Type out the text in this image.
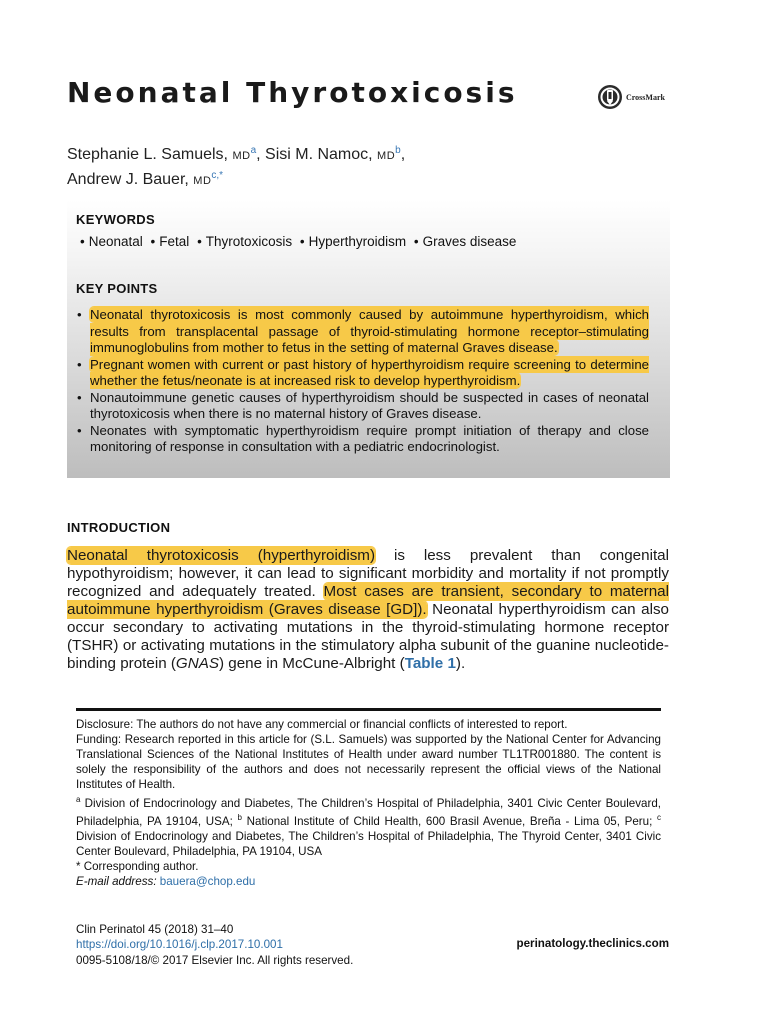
Neonatal Thyrotoxicosis	CrossMark
Stephanie L. Samuels, MD$^a$, Sisi M. Namoc, MD$^b$,
Andrew J. Bauer, MD$^{c,*}$
KEYWORDS
• Neonatal • Fetal • Thyrotoxicosis • Hyperthyroidism • Graves disease
KEY POINTS
• Neonatal thyrotoxicosis is most commonly caused by autoimmune hyperthyroidism, which results from transplacental passage of thyroid-stimulating hormone receptor–stimulating immunoglobulins from mother to fetus in the setting of maternal Graves disease.
• Pregnant women with current or past history of hyperthyroidism require screening to determine whether the fetus/neonate is at increased risk to develop hyperthyroidism.
• Nonautoimmune genetic causes of hyperthyroidism should be suspected in cases of neonatal thyrotoxicosis when there is no maternal history of Graves disease.
• Neonates with symptomatic hyperthyroidism require prompt initiation of therapy and close monitoring of response in consultation with a pediatric endocrinologist.
INTRODUCTION

Neonatal thyrotoxicosis (hyperthyroidism) is less prevalent than congenital hypothyroidism; however, it can lead to significant morbidity and mortality if not promptly recognized and adequately treated. Most cases are transient, secondary to maternal autoimmune hyperthyroidism (Graves disease [GD]). Neonatal hyperthyroidism can also occur secondary to activating mutations in the thyroid-stimulating hormone receptor (TSHR) or activating mutations in the stimulatory alpha subunit of the guanine nucleotide-binding protein (GNAS) gene in McCune-Albright (Table 1).

Disclosure: The authors do not have any commercial or financial conflicts of interested to report.

Funding: Research reported in this article for (S.L. Samuels) was supported by the National Center for Advancing Translational Sciences of the National Institutes of Health under award number TL1TR001880. The content is solely the responsibility of the authors and does not necessarily represent the official views of the National Institutes of Health.

$^a$ Division of Endocrinology and Diabetes, The Children’s Hospital of Philadelphia, 3401 Civic Center Boulevard, Philadelphia, PA 19104, USA; $^b$ National Institute of Child Health, 600 Brasil Avenue, Breña - Lima 05, Peru; $^c$ Division of Endocrinology and Diabetes, The Children’s Hospital of Philadelphia, The Thyroid Center, 3401 Civic Center Boulevard, Philadelphia, PA 19104, USA

* Corresponding author.

E-mail address: bauera@chop.edu

Clin Perinatol 45 (2018) 31–40
https://doi.org/10.1016/j.clp.2017.10.001
0095-5108/18/© 2017 Elsevier Inc. All rights reserved.
perinatology.theclinics.com
